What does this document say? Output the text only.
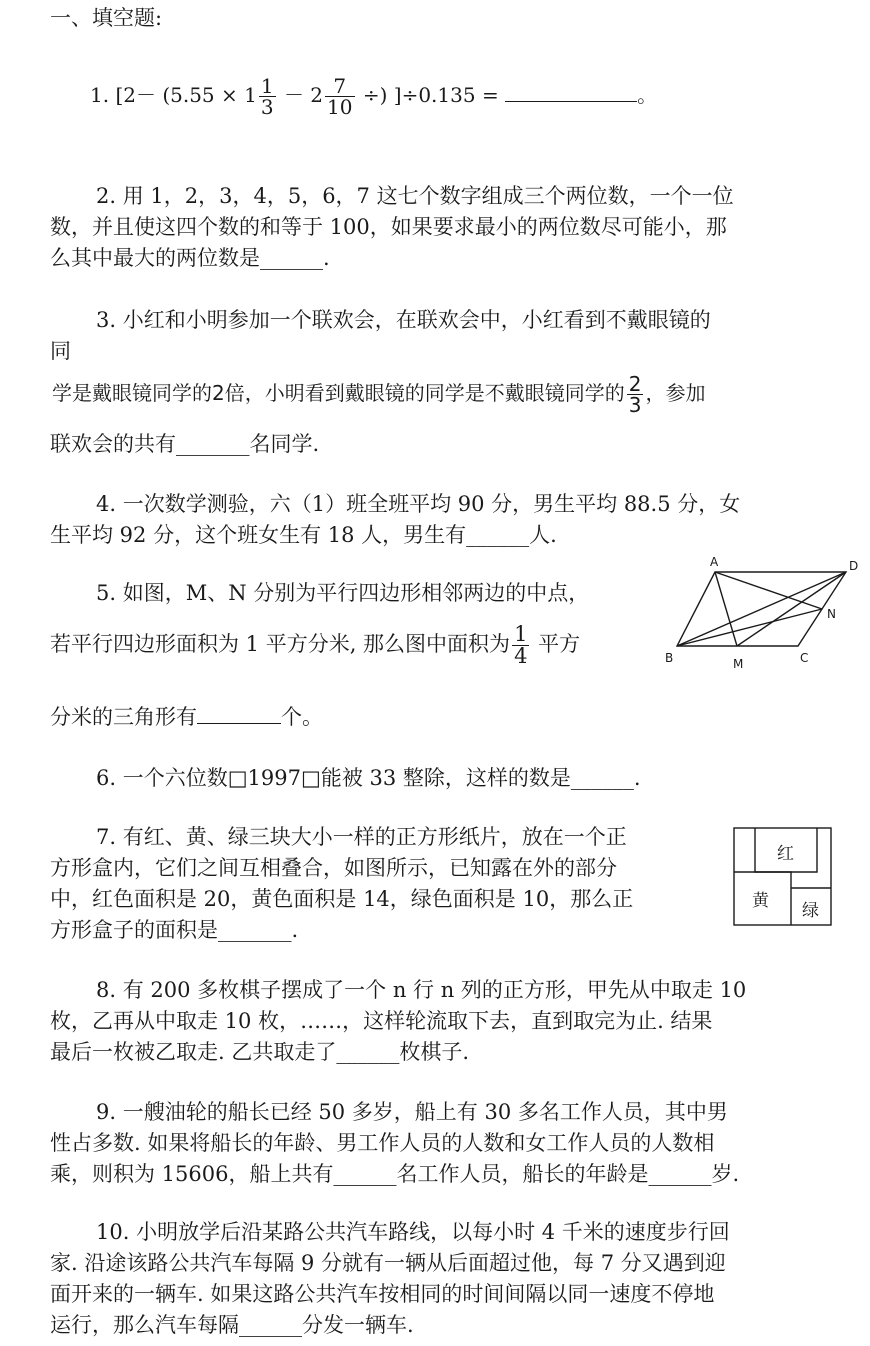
一、填空题:
1. [$2- (5.55 \times 1 \frac{1}{3} - 2 \frac{7}{10}$ ÷) ]÷0.135 =	。
2. 用 1，2，3，4，5，6，7 这七个数字组成三个两位数，一个一位
数，并且使这四个数的和等于 100，如果要求最小的两位数尽可能小，那
么其中最大的两位数是______.
3. 小红和小明参加一个联欢会，在联欢会中，小红看到不戴眼镜的
同
学是戴眼镜同学的2倍，小明看到戴眼镜的同学是不戴眼镜同学的 $\frac{2}{3}$ ，参加
联欢会的共有_______名同学.
4. 一次数学测验，六（1）班全班平均 90 分，男生平均 88.5 分，女
生平均 92 分，这个班女生有 18 人，男生有______人.
5. 如图，M、N 分别为平行四边形相邻两边的中点，
若平行四边形面积为 1 平方分米, 那么图中面积为 $\frac{1}{4}$ 平方
分米的三角形有	个。
A	D
N
B	M	C
6. 一个六位数□1997□能被 33 整除，这样的数是______.
7. 有红、黄、绿三块大小一样的正方形纸片，放在一个正
方形盒内，它们之间互相叠合，如图所示，已知露在外的部分
中，红色面积是 20，黄色面积是 14，绿色面积是 10，那么正
方形盒子的面积是_______.
红
黄 绿
8. 有 200 多枚棋子摆成了一个 n 行 n 列的正方形，甲先从中取走 10
枚，乙再从中取走 10 枚，……，这样轮流取下去，直到取完为止. 结果
最后一枚被乙取走. 乙共取走了______枚棋子.
9. 一艘油轮的船长已经 50 多岁，船上有 30 多名工作人员，其中男
性占多数. 如果将船长的年龄、男工作人员的人数和女工作人员的人数相
乘，则积为 15606，船上共有______名工作人员，船长的年龄是______岁.
10. 小明放学后沿某路公共汽车路线，以每小时 4 千米的速度步行回
家. 沿途该路公共汽车每隔 9 分就有一辆从后面超过他，每 7 分又遇到迎
面开来的一辆车. 如果这路公共汽车按相同的时间间隔以同一速度不停地
运行，那么汽车每隔______分发一辆车.
